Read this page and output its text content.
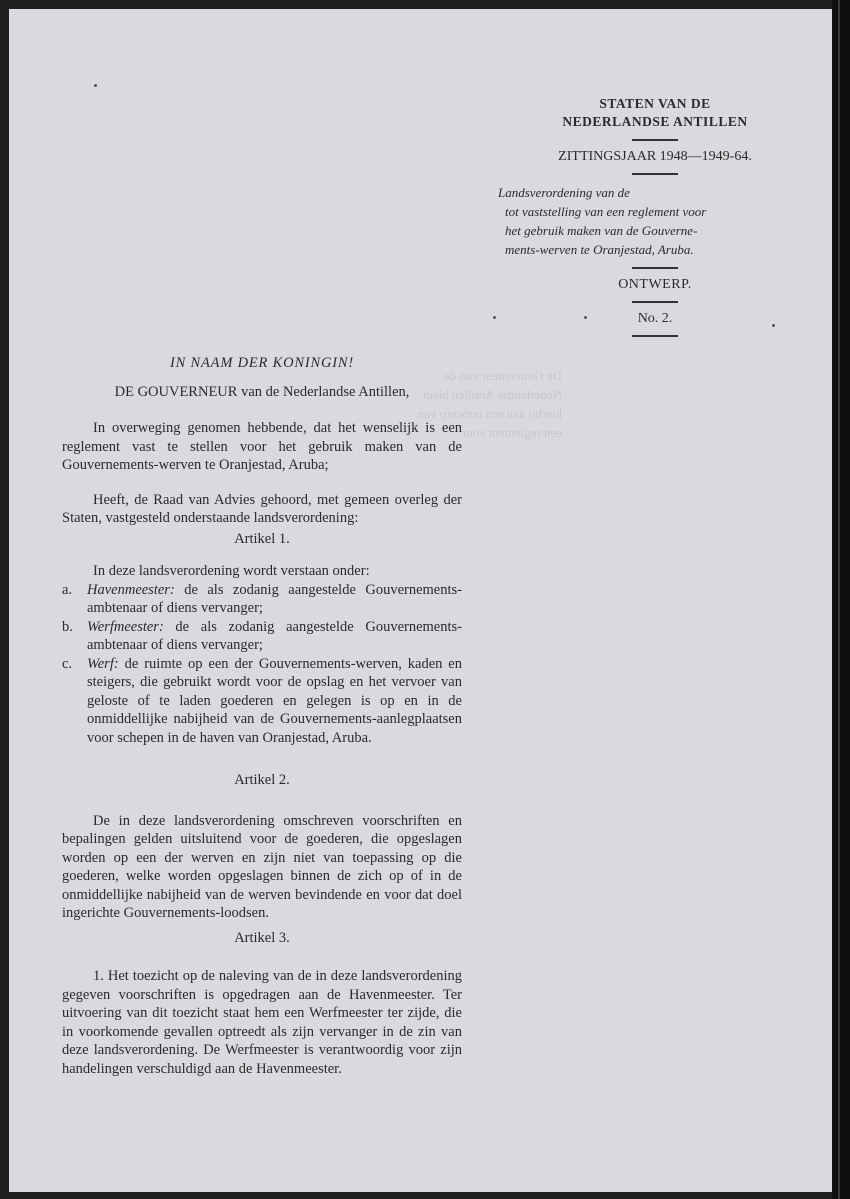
STATEN VAN DE
NEDERLANDSE ANTILLEN
ZITTINGSJAAR 1948—1949-64.
Landsverordening van de
tot vaststelling van een reglement voor
het gebruik maken van de Gouverne-
ments-werven te Oranjestad, Aruba.
ONTWERP.
No. 2.
De Gouverneur van de Nederlandse Antillen biedt
hierbij aan een ontwerp van een reglement voor

IN NAAM DER KONINGIN!

DE GOUVERNEUR van de Nederlandse Antillen,

In overweging genomen hebbende, dat het wenselijk is een reglement vast te stellen voor het gebruik maken van de Gouvernements-werven te Oranjestad, Aruba;

Heeft, de Raad van Advies gehoord, met gemeen overleg der Staten, vastgesteld onderstaande landsverordening:

Artikel 1.

In deze landsverordening wordt verstaan onder:

a.	Havenmeester: de als zodanig aangestelde Gouvernements-ambtenaar of diens vervanger;
b. Werfmeester: de als zodanig aangestelde Gouvernements-ambtenaar of diens vervanger;
c.	Werf: de ruimte op een der Gouvernements-werven, kaden en steigers, die gebruikt wordt voor de opslag en het vervoer van geloste of te laden goederen en gelegen is op en in de onmiddellijke nabijheid van de Gouvernements-aanlegplaatsen voor schepen in de haven van Oranjestad, Aruba.

Artikel 2.

De in deze landsverordening omschreven voorschriften en bepalingen gelden uitsluitend voor de goederen, die opgeslagen worden op een der werven en zijn niet van toepassing op die goederen, welke worden opgeslagen binnen de zich op of in de onmiddellijke nabijheid van de werven bevindende en voor dat doel ingerichte Gouvernements-loodsen.

Artikel 3.

1. Het toezicht op de naleving van de in deze landsverordening gegeven voorschriften is opgedragen aan de Havenmeester. Ter uitvoering van dit toezicht staat hem een Werfmeester ter zijde, die in voorkomende gevallen optreedt als zijn vervanger in de zin van deze landsverordening. De Werfmeester is verantwoordig voor zijn handelingen verschuldigd aan de Havenmeester.
